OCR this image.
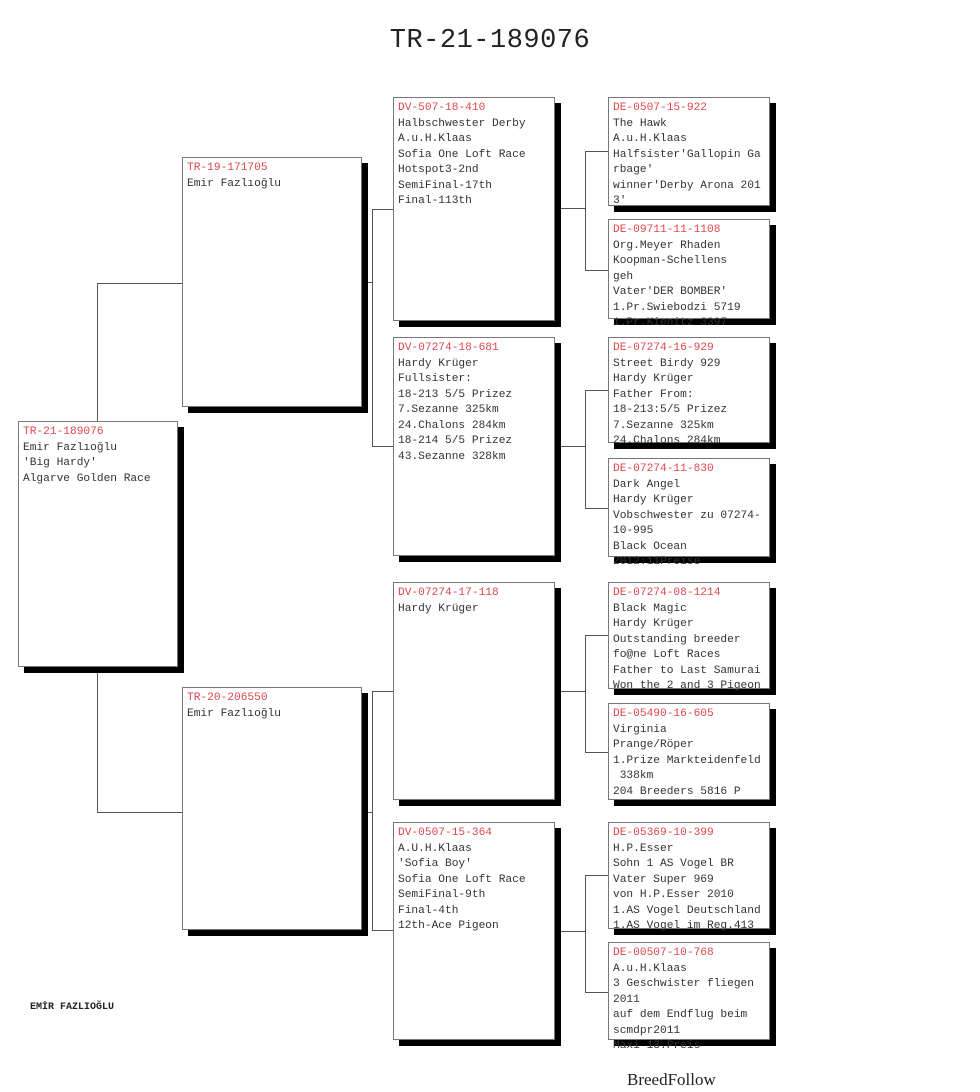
TR-21-189076
TR-21-189076
Emir Fazlıoğlu
'Big Hardy'
Algarve Golden Race
TR-19-171705
Emir Fazlıoğlu
TR-20-206550
Emir Fazlıoğlu
DV-507-18-410
Halbschwester Derby
A.u.H.Klaas
Sofia One Loft Race
Hotspot3-2nd
SemiFinal-17th
Final-113th
DV-07274-18-681
Hardy Krüger
Fullsister:
18-213 5/5 Prizez
7.Sezanne 325km
24.Chalons 284km
18-214 5/5 Prizez
43.Sezanne 328km
DV-07274-17-118
Hardy Krüger
DV-0507-15-364
A.U.H.Klaas
'Sofia Boy'
Sofia One Loft Race
SemiFinal-9th
Final-4th
12th-Ace Pigeon
DE-0507-15-922
The Hawk
A.u.H.Klaas
Halfsister'Gallopin Ga
rbage'
winner'Derby Arona 201
3'
DE-09711-11-1108
Org.Meyer Rhaden
Koopman-Schellens
geh
Vater'DER BOMBER'
1.Pr.Swiebodzi 5719
1.Pr.Kienitz 3397
DE-07274-16-929
Street Birdy 929
Hardy Krüger
Father From:
18-213:5/5 Prizez
7.Sezanne 325km
24.Chalons 284km
DE-07274-11-830
Dark Angel
Hardy Krüger
Vobschwester zu 07274-
10-995
Black Ocean
2012:11Preise
DE-07274-08-1214
Black Magic
Hardy Krüger
Outstanding breeder
fo@ne Loft Races
Father to Last Samurai
Won the 2 and 3 Pigeon
DE-05490-16-605
Virginia
Prange/Röper
1.Prize Markteidenfeld
338km
204 Breeders 5816 P
DE-05369-10-399
H.P.Esser
Sohn 1 AS Vogel BR
Vater Super 969
von H.P.Esser 2010
1.AS Vogel Deutschland
1.AS Vogel im Reg.413
DE-00507-10-768
A.u.H.Klaas
3 Geschwister fliegen
2011
auf dem Endflug beim
scmdpr2011
Maxi 13.Preis
EMİR FAZLIOĞLU
BreedFollow
